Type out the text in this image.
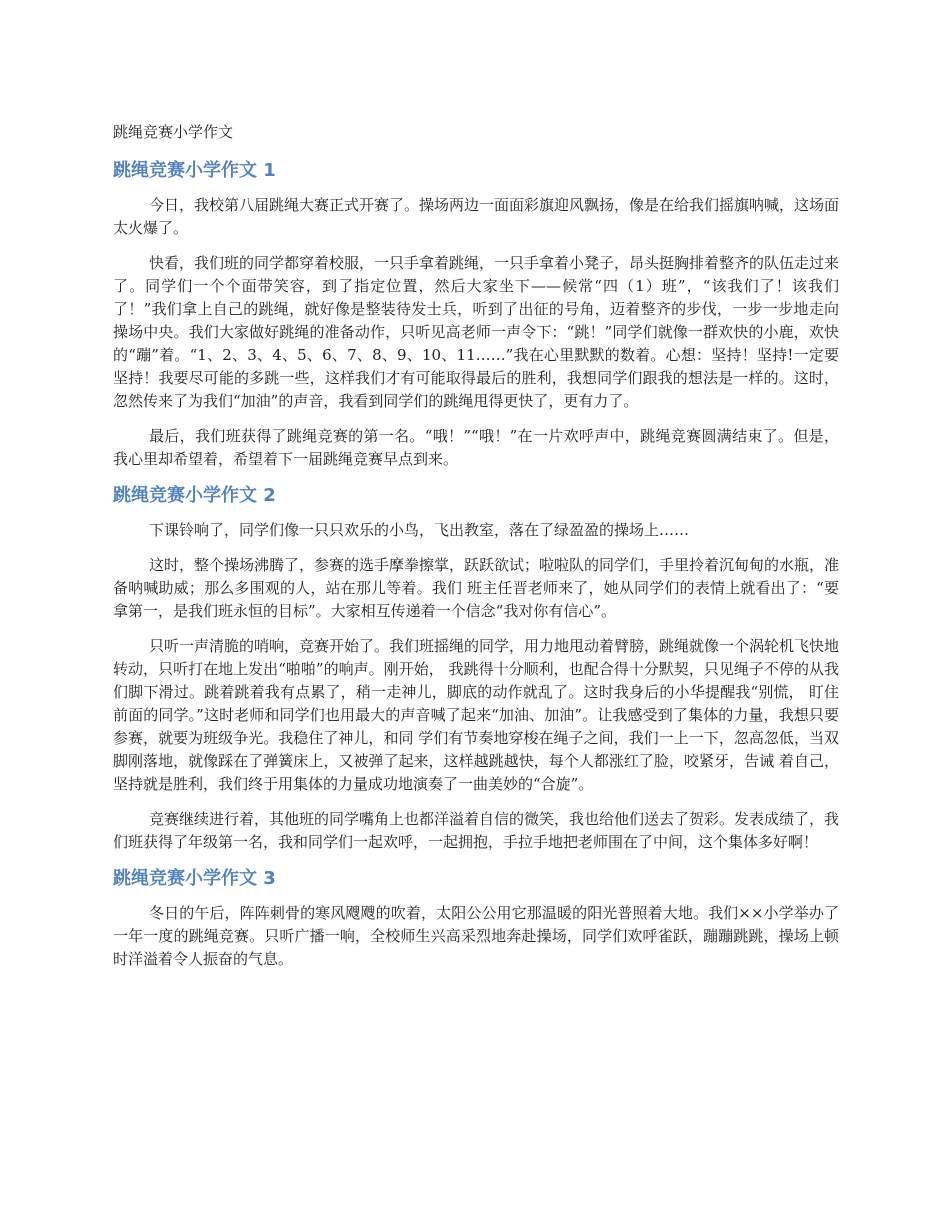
跳绳竞赛小学作文
跳绳竞赛小学作文 1

今日，我校第八届跳绳大赛正式开赛了。操场两边一面面彩旗迎风飘扬，像是在给我们摇旗呐喊，这场面太火爆了。

快看，我们班的同学都穿着校服，一只手拿着跳绳，一只手拿着小凳子，昂头挺胸排着整齐的队伍走过来了。同学们一个个面带笑容，到了指定位置，然后大家坐下——候常“四（1）班”，“该我们了！该我们了！”我们拿上自己的跳绳，就好像是整装待发士兵，听到了出征的号角，迈着整齐的步伐，一步一步地走向操场中央。我们大家做好跳绳的准备动作，只听见高老师一声令下：“跳！”同学们就像一群欢快的小鹿，欢快的“蹦”着。“1、2、3、4、5、6、7、8、9、10、11……”我在心里默默的数着。心想：坚持！坚持!一定要坚持！我要尽可能的多跳一些，这样我们才有可能取得最后的胜利，我想同学们跟我的想法是一样的。这时，忽然传来了为我们“加油”的声音，我看到同学们的跳绳甩得更快了，更有力了。

最后，我们班获得了跳绳竞赛的第一名。“哦！”“哦！”在一片欢呼声中，跳绳竞赛圆满结束了。但是，我心里却希望着，希望着下一届跳绳竞赛早点到来。

跳绳竞赛小学作文 2

下课铃响了，同学们像一只只欢乐的小鸟，飞出教室，落在了绿盈盈的操场上……

这时，整个操场沸腾了，参赛的选手摩拳擦掌，跃跃欲试；啦啦队的同学们，手里拎着沉甸甸的水瓶，准备呐喊助威；那么多围观的人，站在那儿等着。我们 班主任晋老师来了，她从同学们的表情上就看出了：“要拿第一，是我们班永恒的目标”。大家相互传递着一个信念“我对你有信心”。

只听一声清脆的哨响，竞赛开始了。我们班摇绳的同学，用力地甩动着臂膀，跳绳就像一个涡轮机飞快地转动，只听打在地上发出“啪啪”的响声。刚开始， 我跳得十分顺利，也配合得十分默契，只见绳子不停的从我们脚下滑过。跳着跳着我有点累了，稍一走神儿，脚底的动作就乱了。这时我身后的小华提醒我“别慌， 盯住前面的同学。”这时老师和同学们也用最大的声音喊了起来“加油、加油”。让我感受到了集体的力量，我想只要参赛，就要为班级争光。我稳住了神儿，和同 学们有节奏地穿梭在绳子之间，我们一上一下，忽高忽低，当双脚刚落地，就像踩在了弹簧床上，又被弹了起来，这样越跳越快，每个人都涨红了脸，咬紧牙，告诫 着自己，坚持就是胜利，我们终于用集体的力量成功地演奏了一曲美妙的“合旋”。

竞赛继续进行着，其他班的同学嘴角上也都洋溢着自信的微笑，我也给他们送去了贺彩。发表成绩了，我们班获得了年级第一名，我和同学们一起欢呼，一起拥抱，手拉手地把老师围在了中间，这个集体多好啊！

跳绳竞赛小学作文 3

冬日的午后，阵阵刺骨的寒风飕飕的吹着，太阳公公用它那温暖的阳光普照着大地。我们××小学举办了一年一度的跳绳竞赛。只听广播一响，全校师生兴高采烈地奔赴操场，同学们欢呼雀跃，蹦蹦跳跳，操场上顿时洋溢着令人振奋的气息。
